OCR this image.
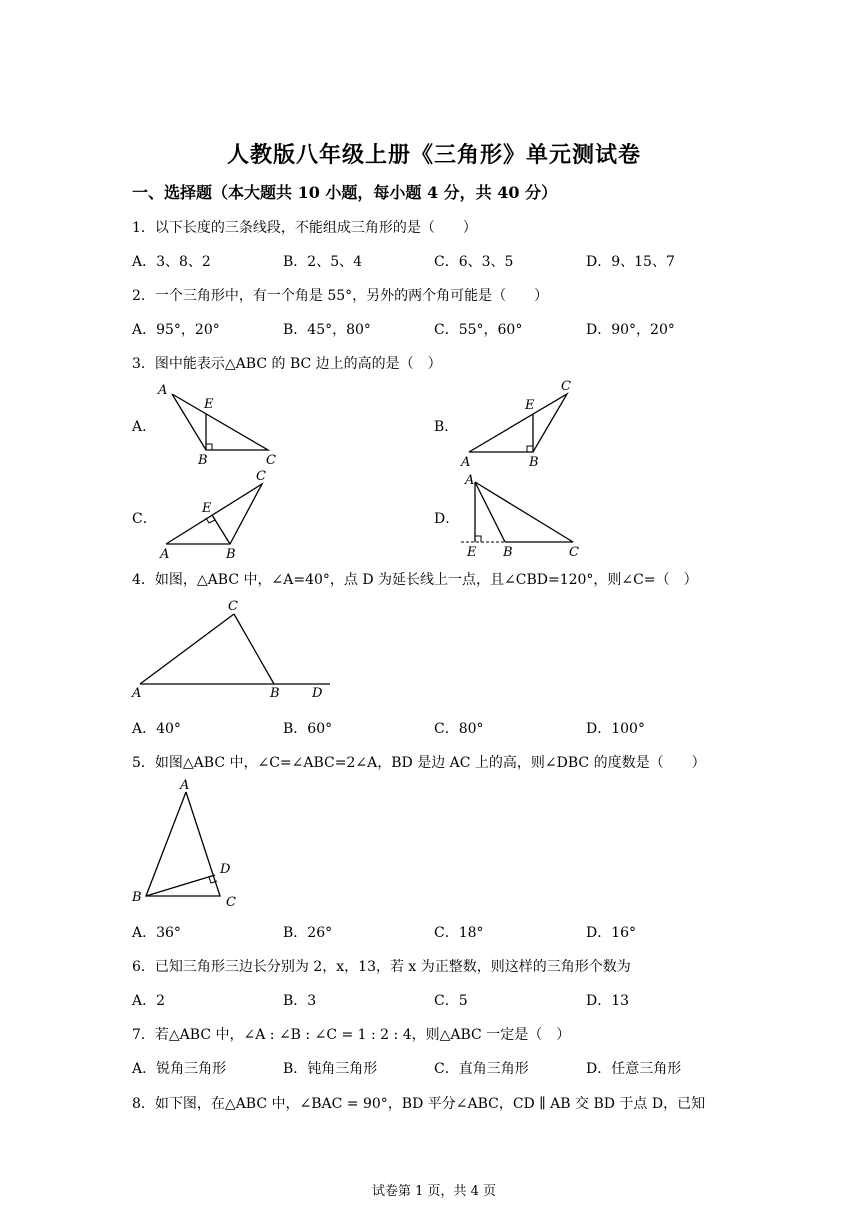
人教版八年级上册《三角形》单元测试卷
一、选择题（本大题共 10 小题，每小题 4 分，共 40 分）
1．以下长度的三条线段，不能组成三角形的是（　　）
A．3、8、2	B．2、5、4	C．6、3、5	D．9、15、7
2．一个三角形中，有一个角是 55°，另外的两个角可能是（　　）
A．95°，20°	B．45°，80°	C．55°，60°	D．90°，20°
3．图中能表示△ABC 的 BC 边上的高的是（　）
A．	B．
C．	D．
A
E
B	C	A
E
B
C
A
E
B
C	A
E B	C
4．如图，△ABC 中，∠A=40°，点 D 为延长线上一点，且∠CBD=120°，则∠C=（　）
C
A	B D
A．40°	B．60°	C．80°	D．100°
5．如图△ABC 中，∠C=∠ABC=2∠A，BD 是边 AC 上的高，则∠DBC 的度数是（　　）
A
D
B	C
A．36°	B．26°	C．18°	D．16°
6．已知三角形三边长分别为 2，x，13，若 x 为正整数，则这样的三角形个数为
A．2	B．3	C．5	D．13
7．若△ABC 中，∠A : ∠B : ∠C = 1 : 2 : 4，则△ABC 一定是（　）
A．锐角三角形	B．钝角三角形	C．直角三角形	D．任意三角形
8．如下图，在△ABC 中，∠BAC = 90°，BD 平分∠ABC，CD ∥ AB 交 BD 于点 D，已知
试卷第 1 页，共 4 页
